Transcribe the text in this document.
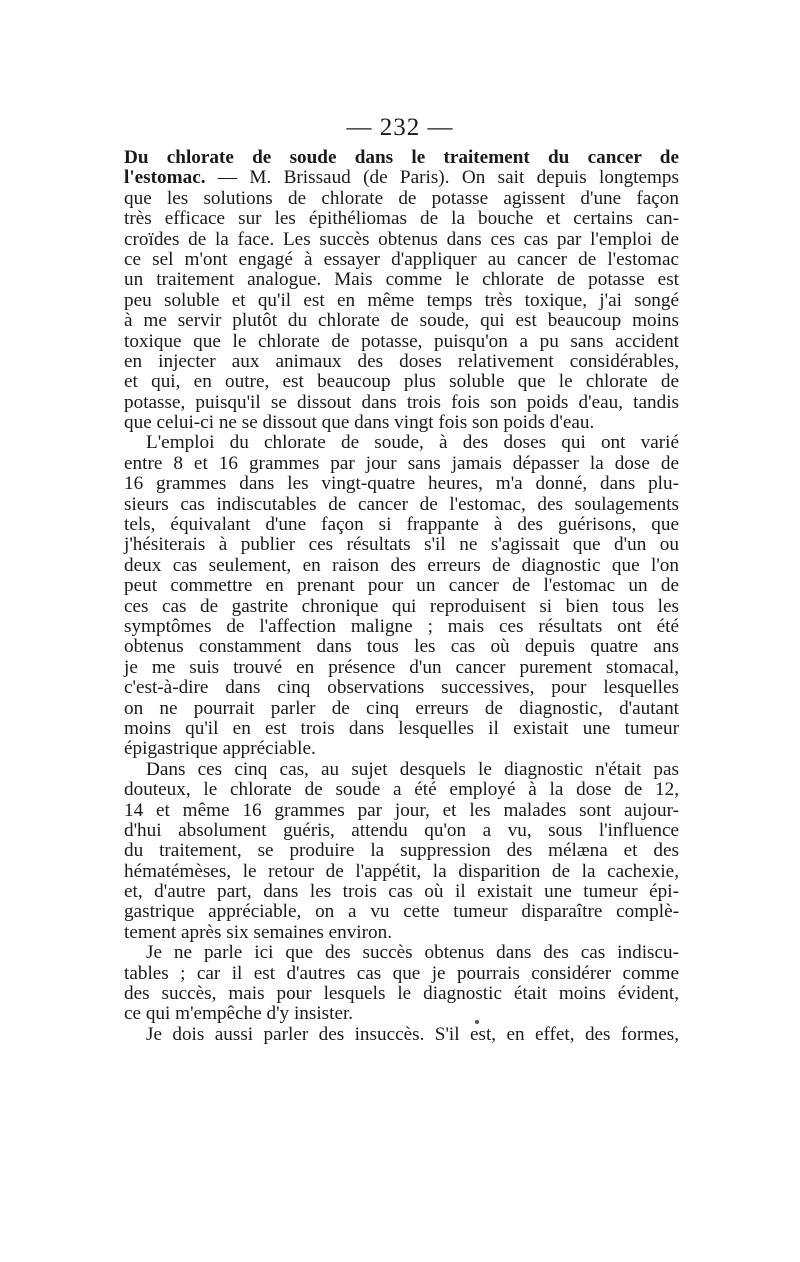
— 232 —
Du chlorate de soude dans le traitement du cancer de
l'estomac. — M. Brissaud (de Paris). On sait depuis longtemps
que les solutions de chlorate de potasse agissent d'une façon
très efficace sur les épithéliomas de la bouche et certains can-
croïdes de la face. Les succès obtenus dans ces cas par l'emploi de
ce sel m'ont engagé à essayer d'appliquer au cancer de l'estomac
un traitement analogue. Mais comme le chlorate de potasse est
peu soluble et qu'il est en même temps très toxique, j'ai songé
à me servir plutôt du chlorate de soude, qui est beaucoup moins
toxique que le chlorate de potasse, puisqu'on a pu sans accident
en injecter aux animaux des doses relativement considérables,
et qui, en outre, est beaucoup plus soluble que le chlorate de
potasse, puisqu'il se dissout dans trois fois son poids d'eau, tandis
que celui-ci ne se dissout que dans vingt fois son poids d'eau.
L'emploi du chlorate de soude, à des doses qui ont varié
entre 8 et 16 grammes par jour sans jamais dépasser la dose de
16 grammes dans les vingt-quatre heures, m'a donné, dans plu-
sieurs cas indiscutables de cancer de l'estomac, des soulagements
tels, équivalant d'une façon si frappante à des guérisons, que
j'hésiterais à publier ces résultats s'il ne s'agissait que d'un ou
deux cas seulement, en raison des erreurs de diagnostic que l'on
peut commettre en prenant pour un cancer de l'estomac un de
ces cas de gastrite chronique qui reproduisent si bien tous les
symptômes de l'affection maligne ; mais ces résultats ont été
obtenus constamment dans tous les cas où depuis quatre ans
je me suis trouvé en présence d'un cancer purement stomacal,
c'est-à-dire dans cinq observations successives, pour lesquelles
on ne pourrait parler de cinq erreurs de diagnostic, d'autant
moins qu'il en est trois dans lesquelles il existait une tumeur
épigastrique appréciable.
Dans ces cinq cas, au sujet desquels le diagnostic n'était pas
douteux, le chlorate de soude a été employé à la dose de 12,
14 et même 16 grammes par jour, et les malades sont aujour-
d'hui absolument guéris, attendu qu'on a vu, sous l'influence
du traitement, se produire la suppression des mélæna et des
hématémèses, le retour de l'appétit, la disparition de la cachexie,
et, d'autre part, dans les trois cas où il existait une tumeur épi-
gastrique appréciable, on a vu cette tumeur disparaître complè-
tement après six semaines environ.
Je ne parle ici que des succès obtenus dans des cas indiscu-
tables ; car il est d'autres cas que je pourrais considérer comme
des succès, mais pour lesquels le diagnostic était moins évident,
ce qui m'empêche d'y insister.
Je dois aussi parler des insuccès. S'il est, en effet, des formes,
